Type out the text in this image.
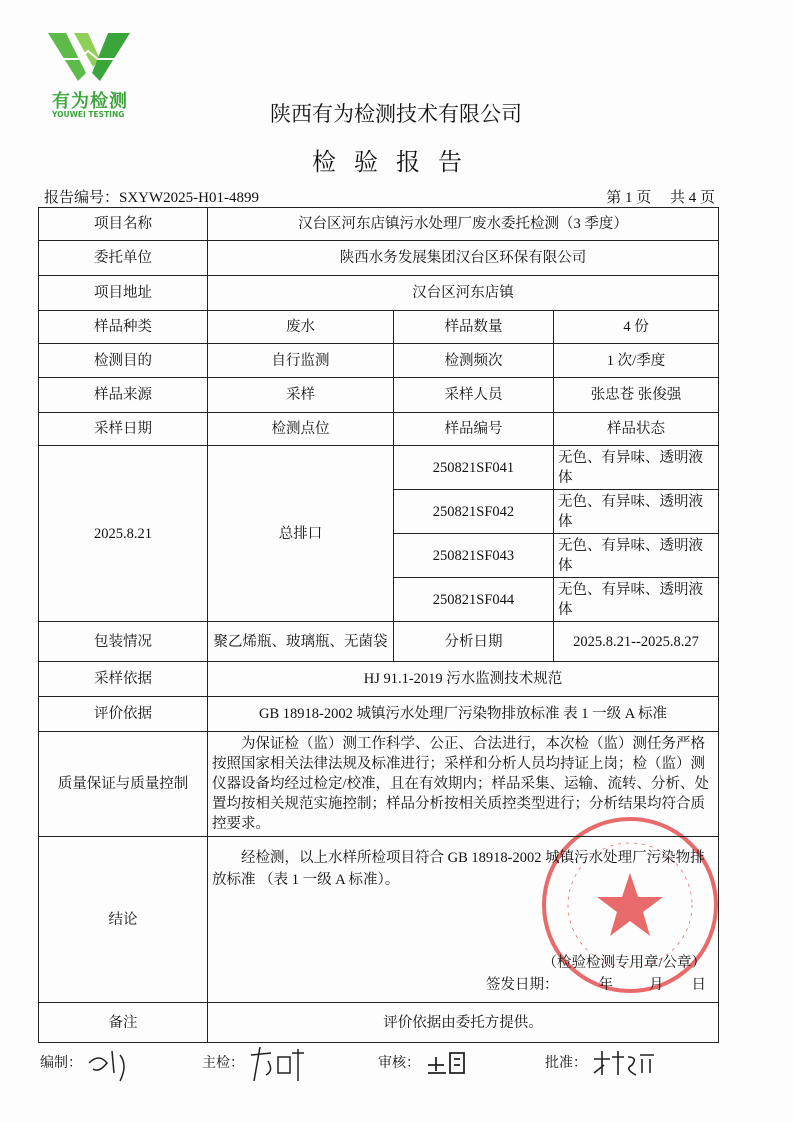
有为检测
YOUWEI TESTING	陕西有为检测技术有限公司
检验报告
报告编号：SXYW2025-H01-4899	第 1 页　 共 4 页
项目名称	汉台区河东店镇污水处理厂废水委托检测（3 季度）		
委托单位	陕西水务发展集团汉台区环保有限公司		
项目地址	汉台区河东店镇		
样品种类	废水	样品数量	4 份
检测目的	自行监测	检测频次	1 次/季度
样品来源	采样	采样人员	张忠苍 张俊强
采样日期	检测点位	样品编号	样品状态
2025.8.21	总排口	250821SF041	无色、有异味、透明液体
		250821SF042	无色、有异味、透明液体
		250821SF043	无色、有异味、透明液体
		250821SF044	无色、有异味、透明液体
包装情况	聚乙烯瓶、玻璃瓶、无菌袋	分析日期	2025.8.21--2025.8.27
采样依据	HJ 91.1-2019 污水监测技术规范		
评价依据	GB 18918-2002 城镇污水处理厂污染物排放标准 表 1 一级 A 标准		
质量保证与质量控制	为保证检（监）测工作科学、公正、合法进行，本次检（监）测任务严格按照国家相关法律法规及标准进行；采样和分析人员均持证上岗；检（监）测仪器设备均经过检定/校准，且在有效期内；样品采集、运输、流转、分析、处置均按相关规范实施控制；样品分析按相关质控类型进行；分析结果均符合质控要求。		
结论	经检测，以上水样所检项目符合 GB 18918-2002 城镇污水处理厂污染物排放标准 （表 1 一级 A 标准）。
（检验检测专用章/公章）
签发日期： 年 月 日		

备注	评价依据由委托方提供。		
编制：	主检：	审核：	批准：
